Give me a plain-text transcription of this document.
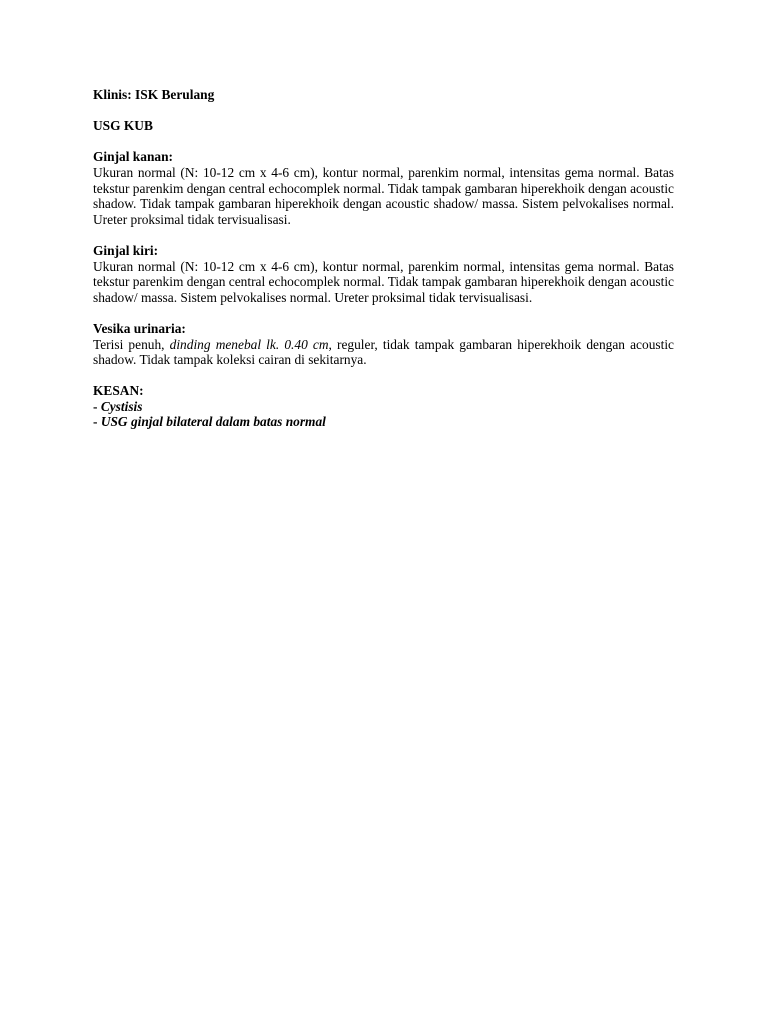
Klinis: ISK Berulang

USG KUB

Ginjal kanan:

Ukuran normal (N: 10-12 cm x 4-6 cm), kontur normal, parenkim normal, intensitas gema normal. Batas tekstur parenkim dengan central echocomplek normal. Tidak tampak gambaran hiperekhoik dengan acoustic shadow. Tidak tampak gambaran hiperekhoik dengan acoustic shadow/ massa. Sistem pelvokalises normal. Ureter proksimal tidak tervisualisasi.

Ginjal kiri:

Ukuran normal (N: 10-12 cm x 4-6 cm), kontur normal, parenkim normal, intensitas gema normal. Batas tekstur parenkim dengan central echocomplek normal. Tidak tampak gambaran hiperekhoik dengan acoustic shadow/ massa. Sistem pelvokalises normal. Ureter proksimal tidak tervisualisasi.

Vesika urinaria:

Terisi penuh, dinding menebal lk. 0.40 cm, reguler, tidak tampak gambaran hiperekhoik dengan acoustic shadow. Tidak tampak koleksi cairan di sekitarnya.

KESAN:

- Cystisis

- USG ginjal bilateral dalam batas normal
